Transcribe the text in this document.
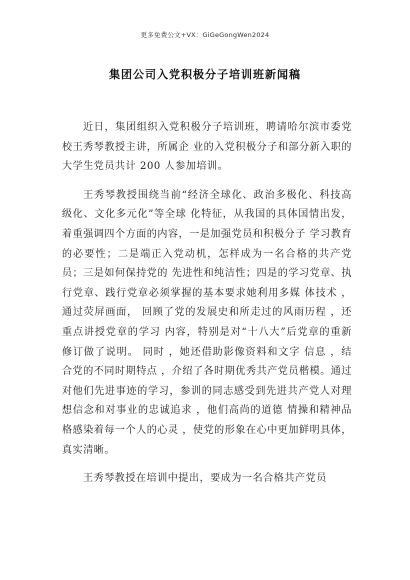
更多免费公文+VX：GiGeGongWen2024
集团公司入党积极分子培训班新闻稿

近日，集团组织入党积极分子培训班，聘请哈尔滨市委党校王秀琴教授主讲，所属企 业的入党积极分子和部分新入职的大学生党员共计 200 人参加培训。

王秀琴教授围绕当前“经济全球化、政治多极化、科技高级化、文化多元化”等全球 化特征，从我国的具体国情出发，着重强调四个方面的内容，一是加强党员和积极分子 学习教育的必要性；二是端正入党动机，怎样成为一名合格的共产党员；三是如何保持党的 先进性和纯洁性；四是的学习党章、执行党章、践行党章必须掌握的基本要求她利用多媒 体技术 ，通过荧屏画面， 回顾了党的发展史和所走过的风雨历程 ，还重点讲授党章的学习 内容，特别是对“十八大”后党章的重新修订做了说明。 同时 ，她还借助影像资料和文字 信息 ，结合党的不同时期特点 ，介绍了各时期优秀共产党员楷模。通过对他们先进事迹的学习，参训的同志感受到先进共产党人对理想信念和对事业的忠诚追求 ，他们高尚的道德 情操和精神品格感染着每一个人的心灵 ，使党的形象在心中更加鲜明具体， 真实清晰。

王秀琴教授在培训中提出，要成为一名合格共产党员
